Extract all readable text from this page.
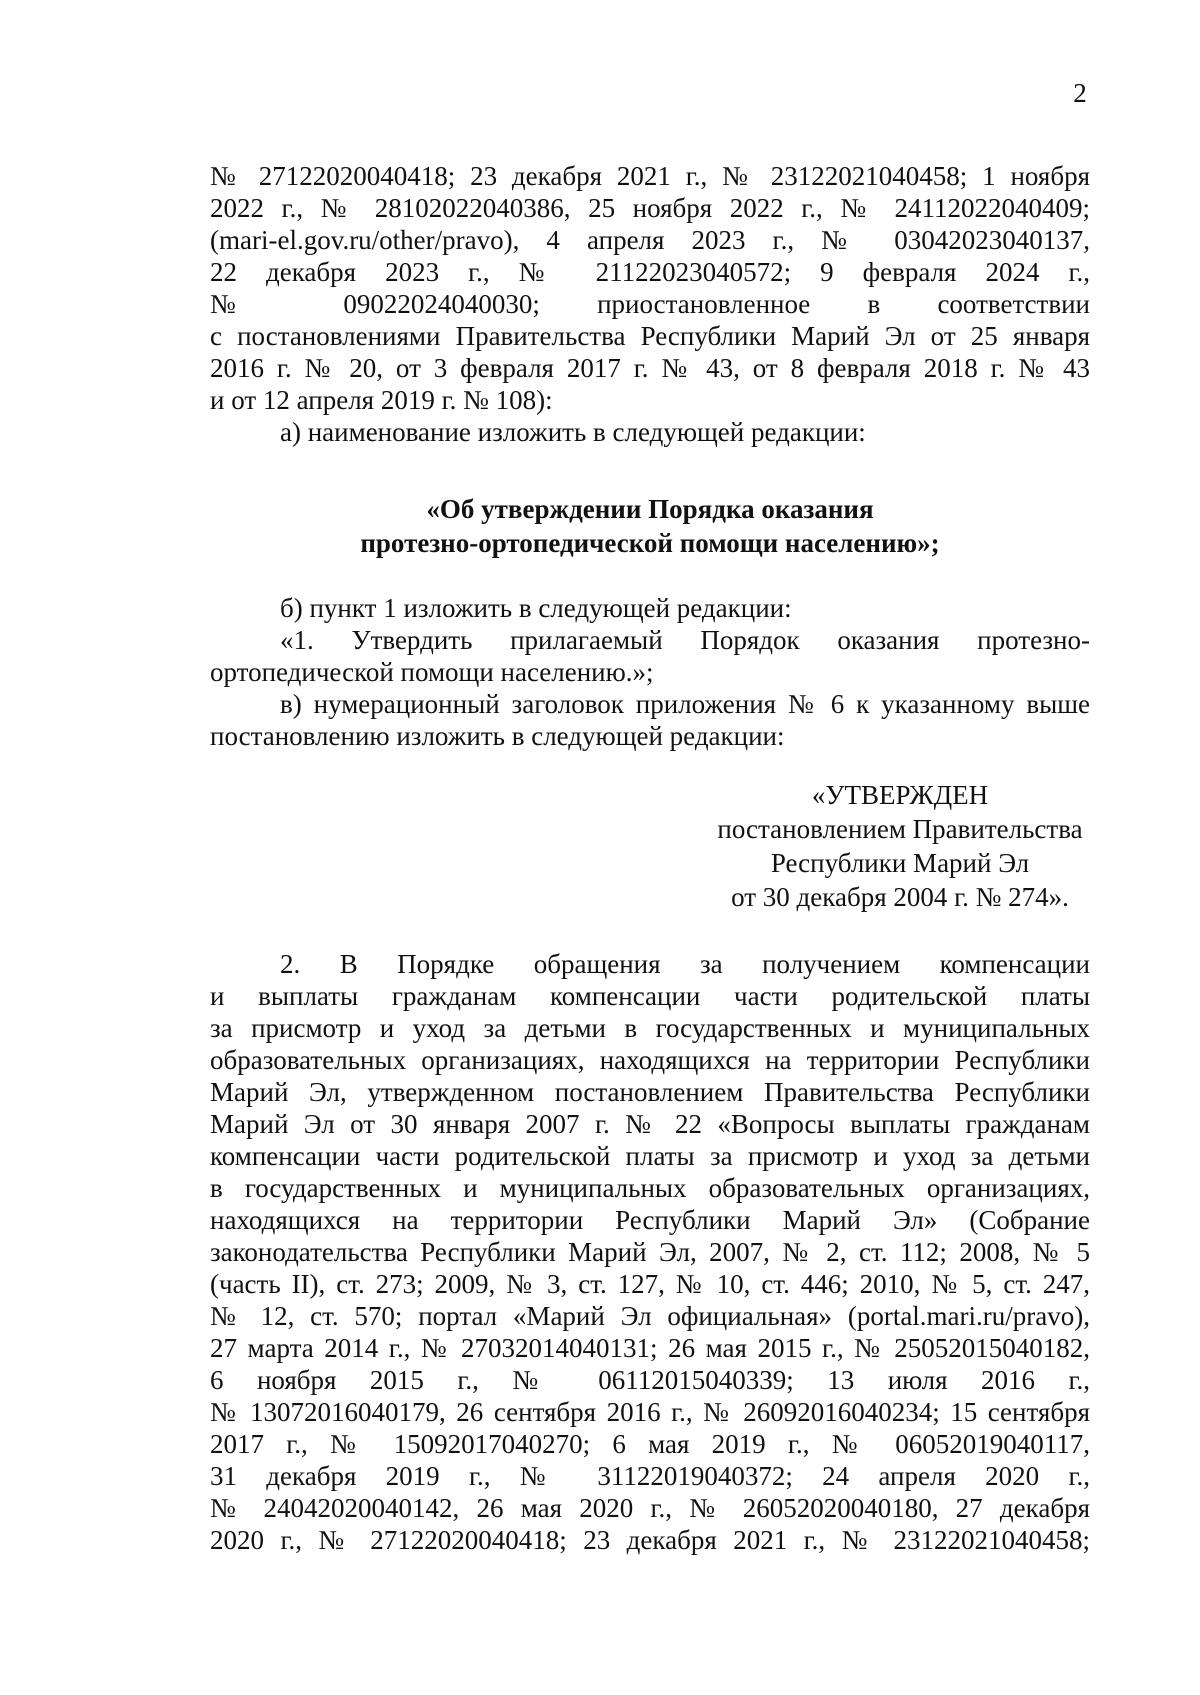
2
№ 27122020040418; 23 декабря 2021 г., № 23122021040458; 1 ноября
2022 г., № 28102022040386, 25 ноября 2022 г., № 24112022040409;
(mari-el.gov.ru/other/pravo), 4 апреля 2023 г., № 03042023040137,
22 декабря 2023 г., № 21122023040572; 9 февраля 2024 г.,
№ 09022024040030; приостановленное в соответствии
с постановлениями Правительства Республики Марий Эл от 25 января
2016 г. № 20, от 3 февраля 2017 г. № 43, от 8 февраля 2018 г. № 43
и от 12 апреля 2019 г. № 108):
а) наименование изложить в следующей редакции:
«Об утверждении Порядка оказания
протезно-ортопедической помощи населению»;
б) пункт 1 изложить в следующей редакции:
«1. Утвердить прилагаемый Порядок оказания протезно-
ортопедической помощи населению.»;
в) нумерационный заголовок приложения № 6 к указанному выше
постановлению изложить в следующей редакции:
«УТВЕРЖДЕН
постановлением Правительства
Республики Марий Эл
от 30 декабря 2004 г. № 274».
2. В Порядке обращения за получением компенсации
и выплаты гражданам компенсации части родительской платы
за присмотр и уход за детьми в государственных и муниципальных
образовательных организациях, находящихся на территории Республики
Марий Эл, утвержденном постановлением Правительства Республики
Марий Эл от 30 января 2007 г. № 22 «Вопросы выплаты гражданам
компенсации части родительской платы за присмотр и уход за детьми
в государственных и муниципальных образовательных организациях,
находящихся на территории Республики Марий Эл» (Собрание
законодательства Республики Марий Эл, 2007, № 2, ст. 112; 2008, № 5
(часть II), ст. 273; 2009, № 3, ст. 127, № 10, ст. 446; 2010, № 5, ст. 247,
№ 12, ст. 570; портал «Марий Эл официальная» (portal.mari.ru/pravo),
27 марта 2014 г., № 27032014040131; 26 мая 2015 г., № 25052015040182,
6 ноября 2015 г., № 06112015040339; 13 июля 2016 г.,
№ 13072016040179, 26 сентября 2016 г., № 26092016040234; 15 сентября
2017 г., № 15092017040270; 6 мая 2019 г., № 06052019040117,
31 декабря 2019 г., № 31122019040372; 24 апреля 2020 г.,
№ 24042020040142, 26 мая 2020 г., № 26052020040180, 27 декабря
2020 г., № 27122020040418; 23 декабря 2021 г., № 23122021040458;
